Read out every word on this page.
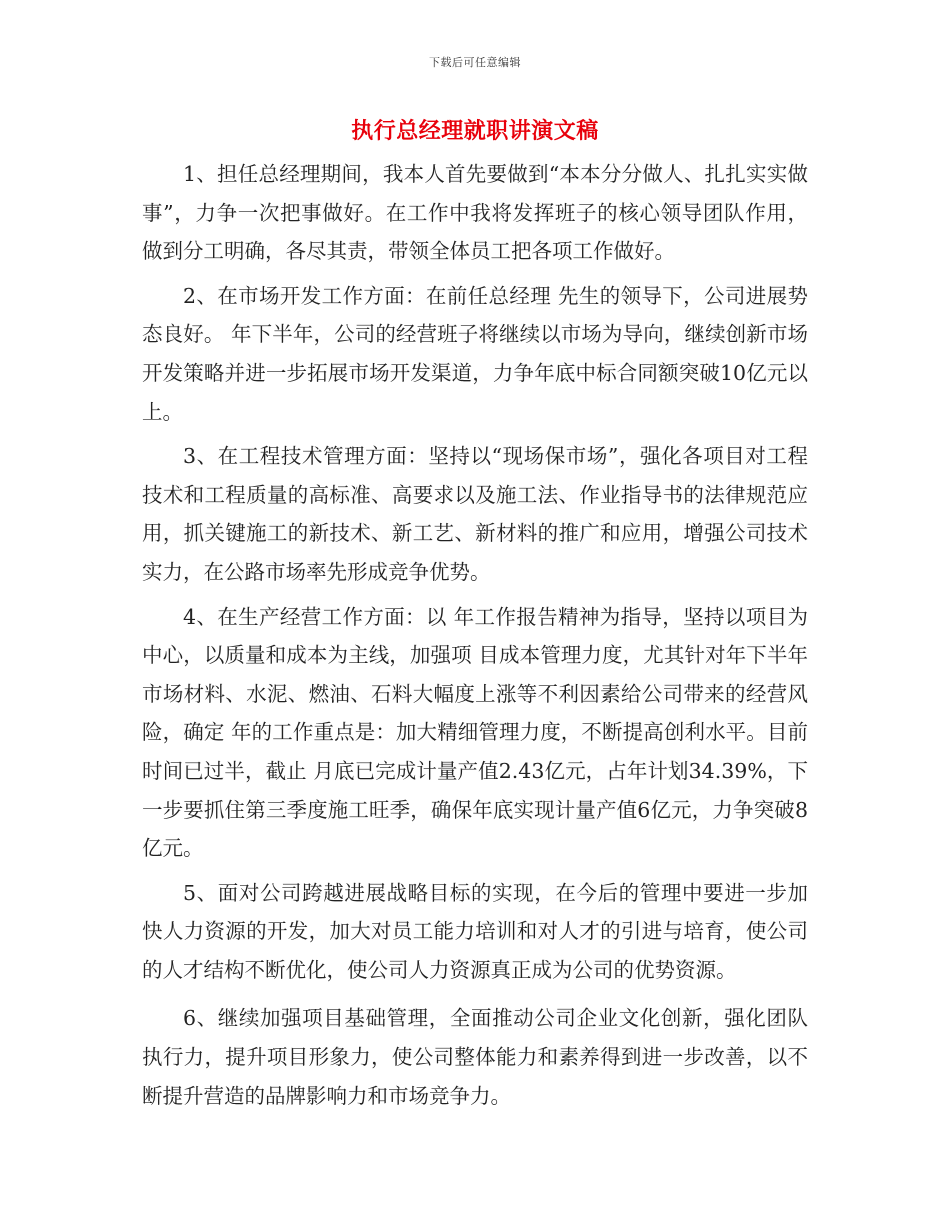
下载后可任意编辑
执行总经理就职讲演文稿

1、担任总经理期间，我本人首先要做到“本本分分做人、扎扎实实做事”，力争一次把事做好。在工作中我将发挥班子的核心领导团队作用，做到分工明确，各尽其责，带领全体员工把各项工作做好。

2、在市场开发工作方面：在前任总经理 先生的领导下，公司进展势态良好。 年下半年，公司的经营班子将继续以市场为导向，继续创新市场开发策略并进一步拓展市场开发渠道，力争年底中标合同额突破10亿元以上。

3、在工程技术管理方面：坚持以“现场保市场”，强化各项目对工程技术和工程质量的高标准、高要求以及施工法、作业指导书的法律规范应用，抓关键施工的新技术、新工艺、新材料的推广和应用，增强公司技术实力，在公路市场率先形成竞争优势。

4、在生产经营工作方面：以 年工作报告精神为指导，坚持以项目为中心，以质量和成本为主线，加强项 目成本管理力度，尤其针对年下半年市场材料、水泥、燃油、石料大幅度上涨等不利因素给公司带来的经营风险，确定 年的工作重点是：加大精细管理力度，不断提高创利水平。目前时间已过半，截止 月底已完成计量产值2.43亿元，占年计划34.39%，下一步要抓住第三季度施工旺季，确保年底实现计量产值6亿元，力争突破8亿元。

5、面对公司跨越进展战略目标的实现，在今后的管理中要进一步加快人力资源的开发，加大对员工能力培训和对人才的引进与培育，使公司的人才结构不断优化，使公司人力资源真正成为公司的优势资源。

6、继续加强项目基础管理，全面推动公司企业文化创新，强化团队执行力，提升项目形象力，使公司整体能力和素养得到进一步改善，以不断提升营造的品牌影响力和市场竞争力。
